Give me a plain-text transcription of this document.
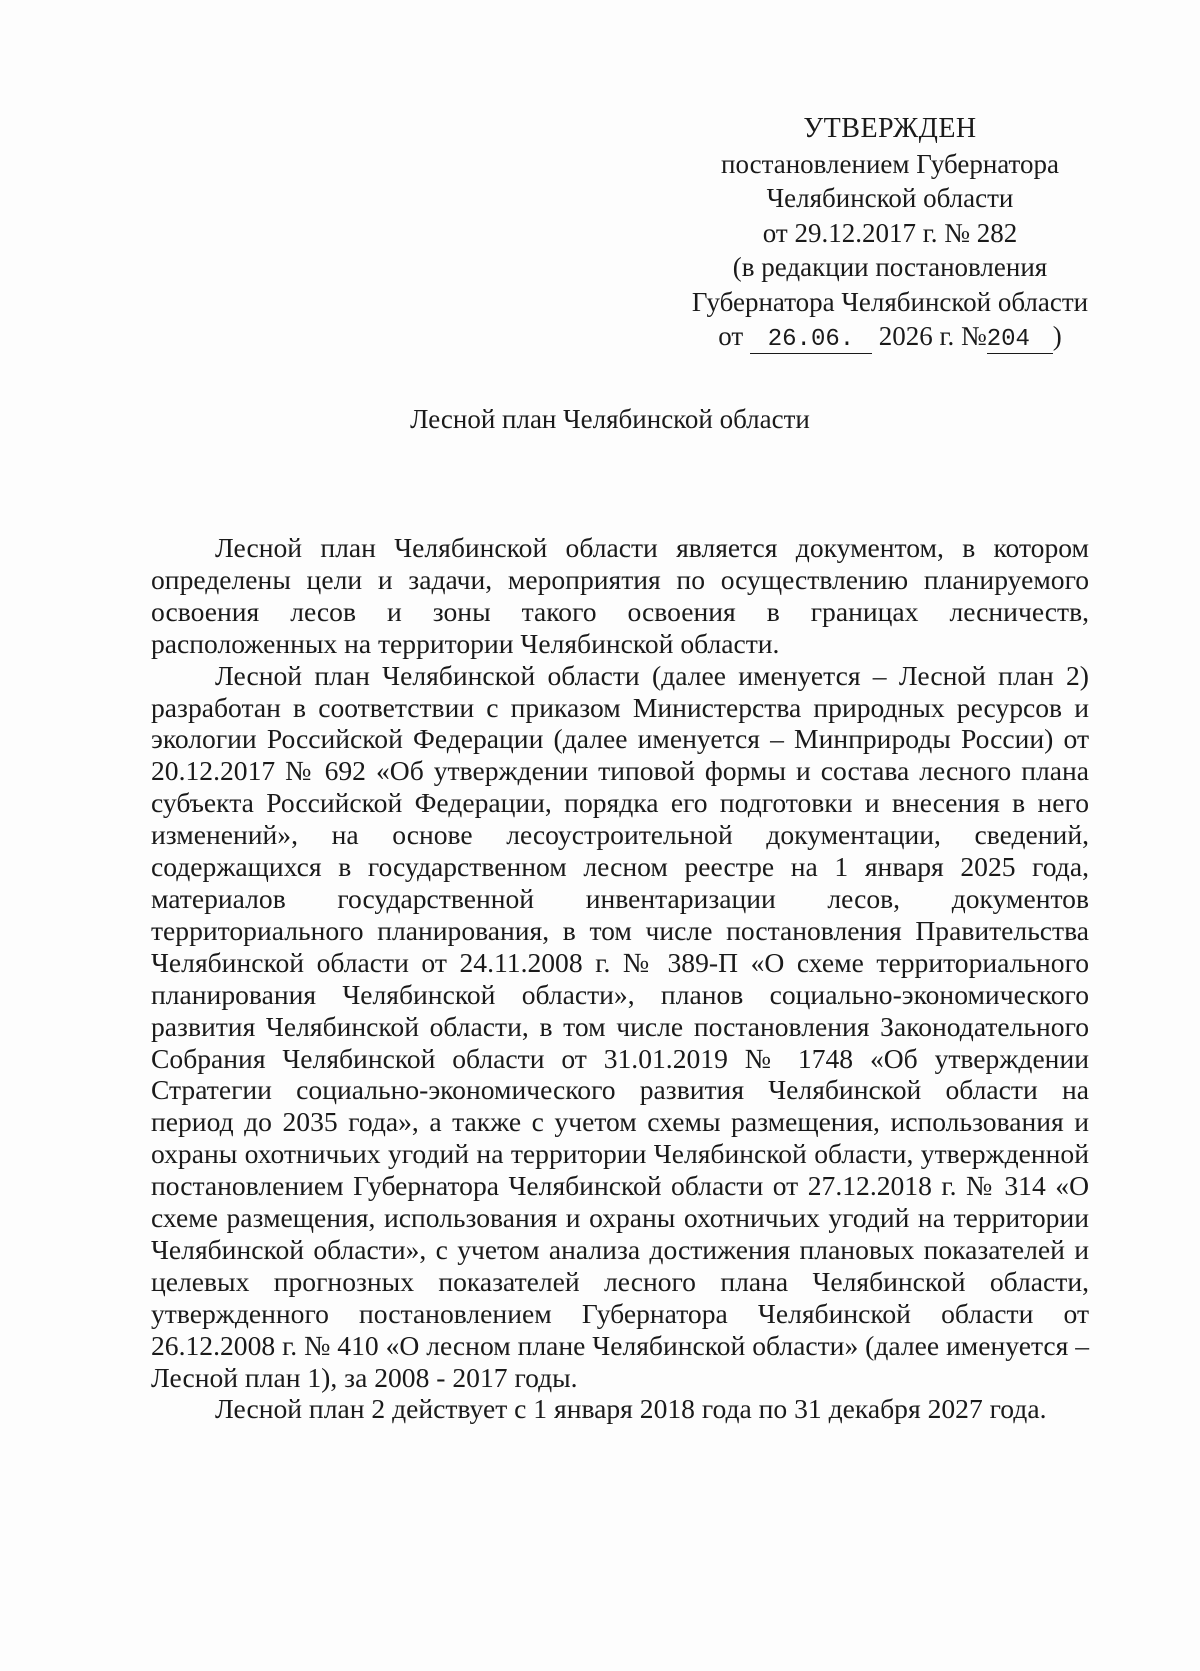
УТВЕРЖДЕН
постановлением Губернатора
Челябинской области
от 29.12.2017 г. № 282
(в редакции постановления
Губернатора Челябинской области
от 26.06. 2026 г. №204 )
Лесной план Челябинской области

Лесной план Челябинской области является документом, в котором определены цели и задачи, мероприятия по осуществлению планируемого освоения лесов и зоны такого освоения в границах лесничеств, расположенных на территории Челябинской области.

Лесной план Челябинской области (далее именуется – Лесной план 2) разработан в соответствии с приказом Министерства природных ресурсов и экологии Российской Федерации (далее именуется – Минприроды России) от 20.12.2017 № 692 «Об утверждении типовой формы и состава лесного плана субъекта Российской Федерации, порядка его подготовки и внесения в него изменений», на основе лесоустроительной документации, сведений, содержащихся в государственном лесном реестре на 1 января 2025 года, материалов государственной инвентаризации лесов, документов территориального планирования, в том числе постановления Правительства Челябинской области от 24.11.2008 г. № 389-П «О схеме территориального планирования Челябинской области», планов социально-экономического развития Челябинской области, в том числе постановления Законодательного Собрания Челябинской области от 31.01.2019 № 1748 «Об утверждении Стратегии социально-экономического развития Челябинской области на период до 2035 года», а также с учетом схемы размещения, использования и охраны охотничьих угодий на территории Челябинской области, утвержденной постановлением Губернатора Челябинской области от 27.12.2018 г. № 314 «О схеме размещения, использования и охраны охотничьих угодий на территории Челябинской области», с учетом анализа достижения плановых показателей и целевых прогнозных показателей лесного плана Челябинской области, утвержденного постановлением Губернатора Челябинской области от 26.12.2008 г. № 410 «О лесном плане Челябинской области» (далее именуется – Лесной план 1), за 2008 - 2017 годы.

Лесной план 2 действует с 1 января 2018 года по 31 декабря 2027 года.
